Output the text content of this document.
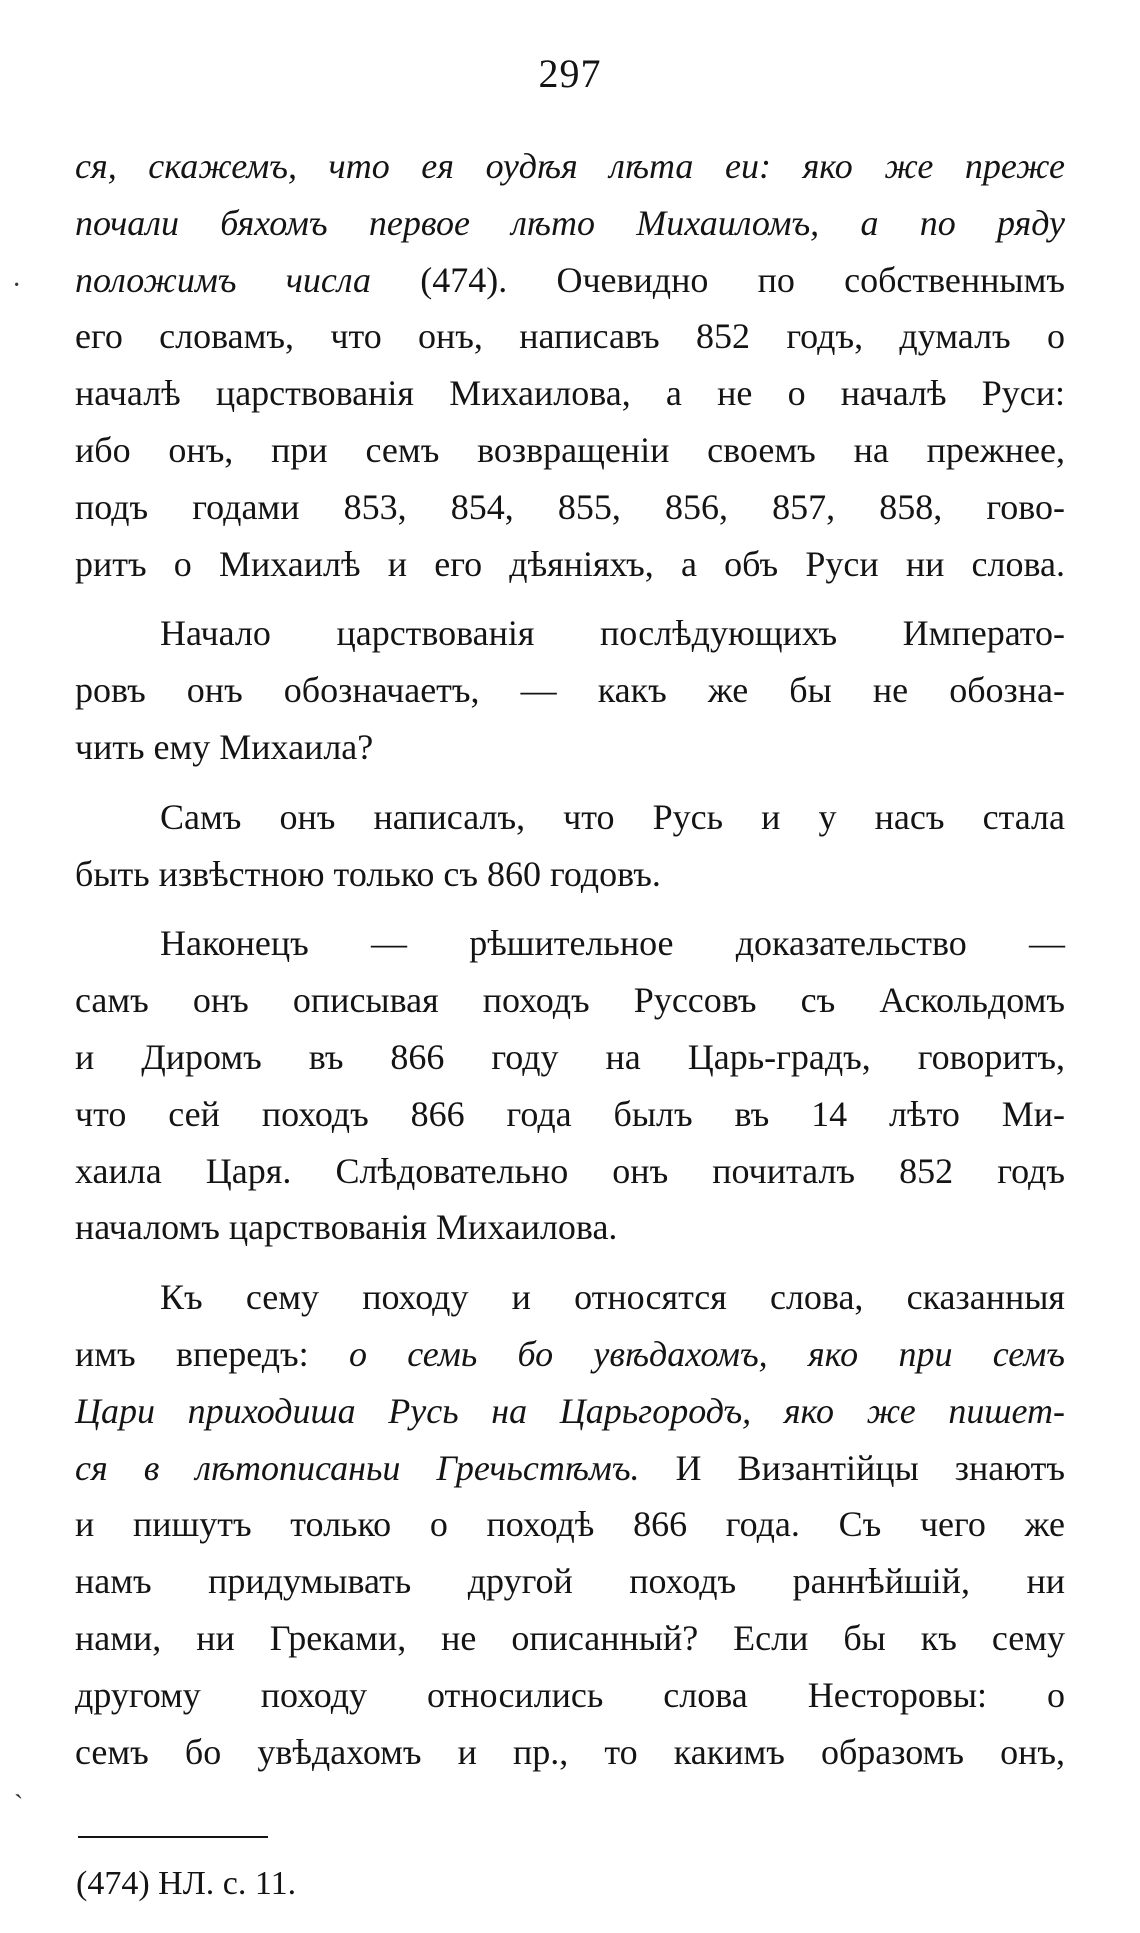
297
ся, скажемъ, что ея оудѣя лѣта еи: яко же преже
почали бяхомъ первое лѣто Михаиломъ, а по ряду
положимъ числа (474). Очевидно по собственнымъ
его словамъ, что онъ, написавъ 852 годъ, думалъ о
началѣ царствованія Михаилова, а не о началѣ Руси:
ибо онъ, при семъ возвращеніи своемъ на прежнее,
подъ годами 853, 854, 855, 856, 857, 858, гово-
ритъ о Михаилѣ и его дѣяніяхъ, а объ Руси ни слова.
Начало царствованія послѣдующихъ Императо-
ровъ онъ обозначаетъ, — какъ же бы не обозна-
чить ему Михаила?
Самъ онъ написалъ, что Русь и у насъ стала
быть извѣстною только съ 860 годовъ.
Наконецъ — рѣшительное доказательство —
самъ онъ описывая походъ Руссовъ съ Аскольдомъ
и Диромъ въ 866 году на Царь-градъ, говоритъ,
что сей походъ 866 года былъ въ 14 лѣто Ми-
хаила Царя. Слѣдовательно онъ почиталъ 852 годъ
началомъ царствованія Михаилова.
Къ сему походу и относятся слова, сказанныя
имъ впередъ: о семь бо увѣдахомъ, яко при семъ
Цари приходиша Русь на Царьгородъ, яко же пишет-
ся в лѣтописаньи Гречьстѣмъ. И Византійцы знаютъ
и пишутъ только о походѣ 866 года. Съ чего же
намъ придумывать другой походъ раннѣйшій, ни
нами, ни Греками, не описанный? Если бы къ сему
другому походу относились слова Несторовы: о
семъ бо увѣдахомъ и пр., то какимъ образомъ онъ,
(474) НЛ. с. 11.
·
ˋ
